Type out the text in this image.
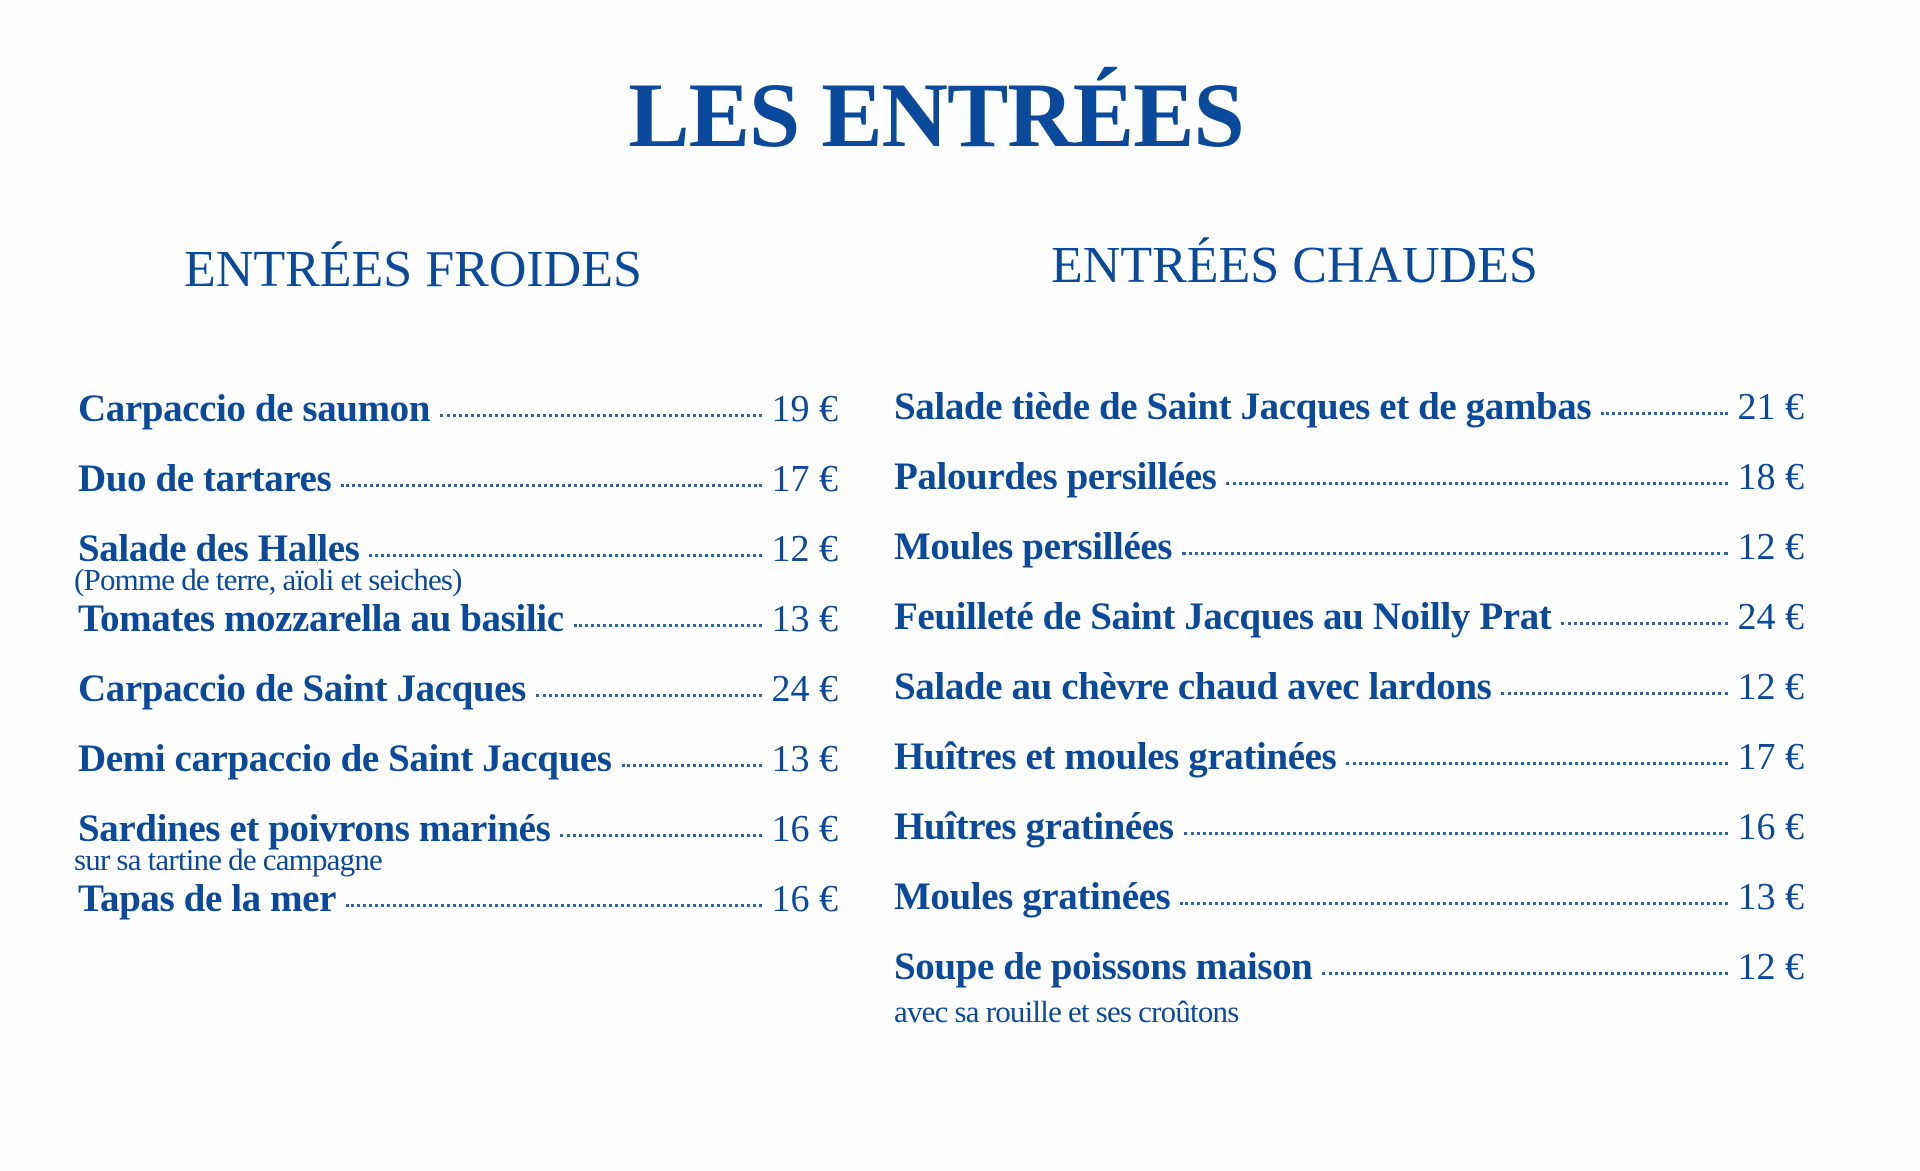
LES ENTRÉES
ENTRÉES FROIDES	ENTRÉES CHAUDES
Carpaccio de saumon	19 €
Duo de tartares	17 €
Salade des Halles	12 €
(Pomme de terre, aïoli et seiches)
Tomates mozzarella au basilic	13 €
Carpaccio de Saint Jacques	24 €
Demi carpaccio de Saint Jacques	13 €
Sardines et poivrons marinés	16 €
sur sa tartine de campagne
Tapas de la mer	16 €
Salade tiède de Saint Jacques et de gambas	21 €
Palourdes persillées	18 €
Moules persillées	12 €
Feuilleté de Saint Jacques au Noilly Prat	24 €
Salade au chèvre chaud avec lardons	12 €
Huîtres et moules gratinées	17 €
Huîtres gratinées	16 €
Moules gratinées	13 €
Soupe de poissons maison	12 €
avec sa rouille et ses croûtons
